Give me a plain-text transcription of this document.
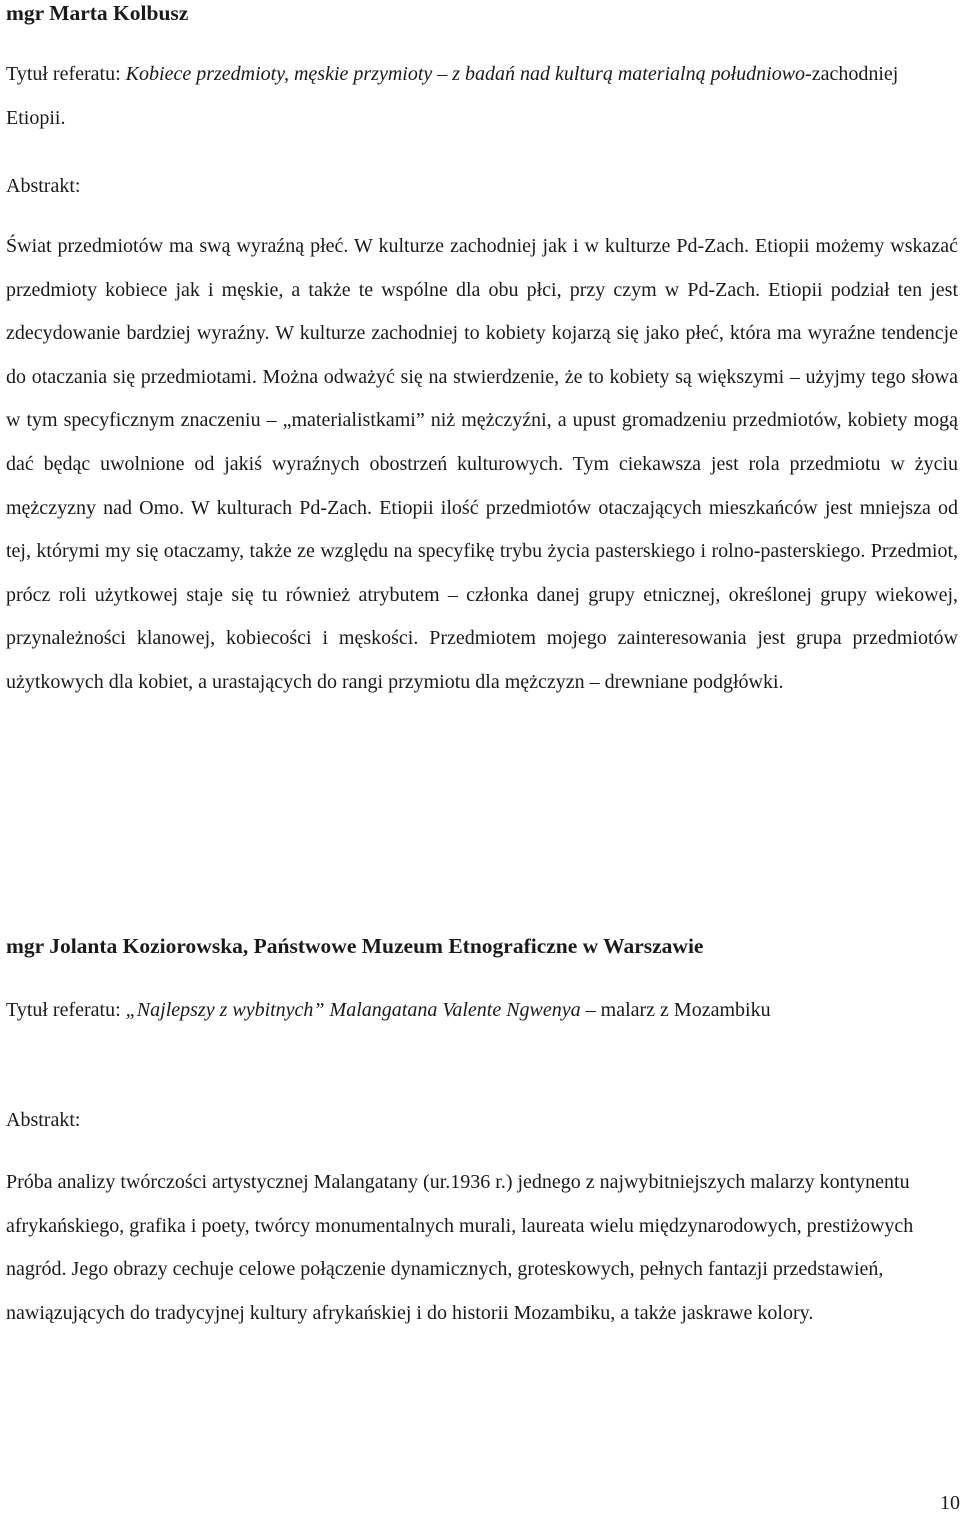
mgr Marta Kolbusz
Tytuł referatu: Kobiece przedmioty, męskie przymioty – z badań nad kulturą materialną południowo-zachodniej Etiopii.
Abstrakt:

Świat przedmiotów ma swą wyraźną płeć. W kulturze zachodniej jak i w kulturze Pd-Zach. Etiopii możemy wskazać przedmioty kobiece jak i męskie, a także te wspólne dla obu płci, przy czym w Pd-Zach. Etiopii podział ten jest zdecydowanie bardziej wyraźny. W kulturze zachodniej to kobiety kojarzą się jako płeć, która ma wyraźne tendencje do otaczania się przedmiotami. Można odważyć się na stwierdzenie, że to kobiety są większymi – użyjmy tego słowa w tym specyficznym znaczeniu – „materialistkami” niż mężczyźni, a upust gromadzeniu przedmiotów, kobiety mogą dać będąc uwolnione od jakiś wyraźnych obostrzeń kulturowych. Tym ciekawsza jest rola przedmiotu w życiu mężczyzny nad Omo. W kulturach Pd-Zach. Etiopii ilość przedmiotów otaczających mieszkańców jest mniejsza od tej, którymi my się otaczamy, także ze względu na specyfikę trybu życia pasterskiego i rolno-pasterskiego. Przedmiot, prócz roli użytkowej staje się tu również atrybutem – członka danej grupy etnicznej, określonej grupy wiekowej, przynależności klanowej, kobiecości i męskości. Przedmiotem mojego zainteresowania jest grupa przedmiotów użytkowych dla kobiet, a urastających do rangi przymiotu dla mężczyzn – drewniane podgłówki.

mgr Jolanta Koziorowska, Państwowe Muzeum Etnograficzne w Warszawie
Tytuł referatu: „Najlepszy z wybitnych” Malangatana Valente Ngwenya – malarz z Mozambiku
Abstrakt:

Próba analizy twórczości artystycznej Malangatany (ur.1936 r.) jednego z najwybitniejszych malarzy kontynentu afrykańskiego, grafika i poety, twórcy monumentalnych murali, laureata wielu międzynarodowych, prestiżowych nagród. Jego obrazy cechuje celowe połączenie dynamicznych, groteskowych, pełnych fantazji przedstawień, nawiązujących do tradycyjnej kultury afrykańskiej i do historii Mozambiku, a także jaskrawe kolory.

10
